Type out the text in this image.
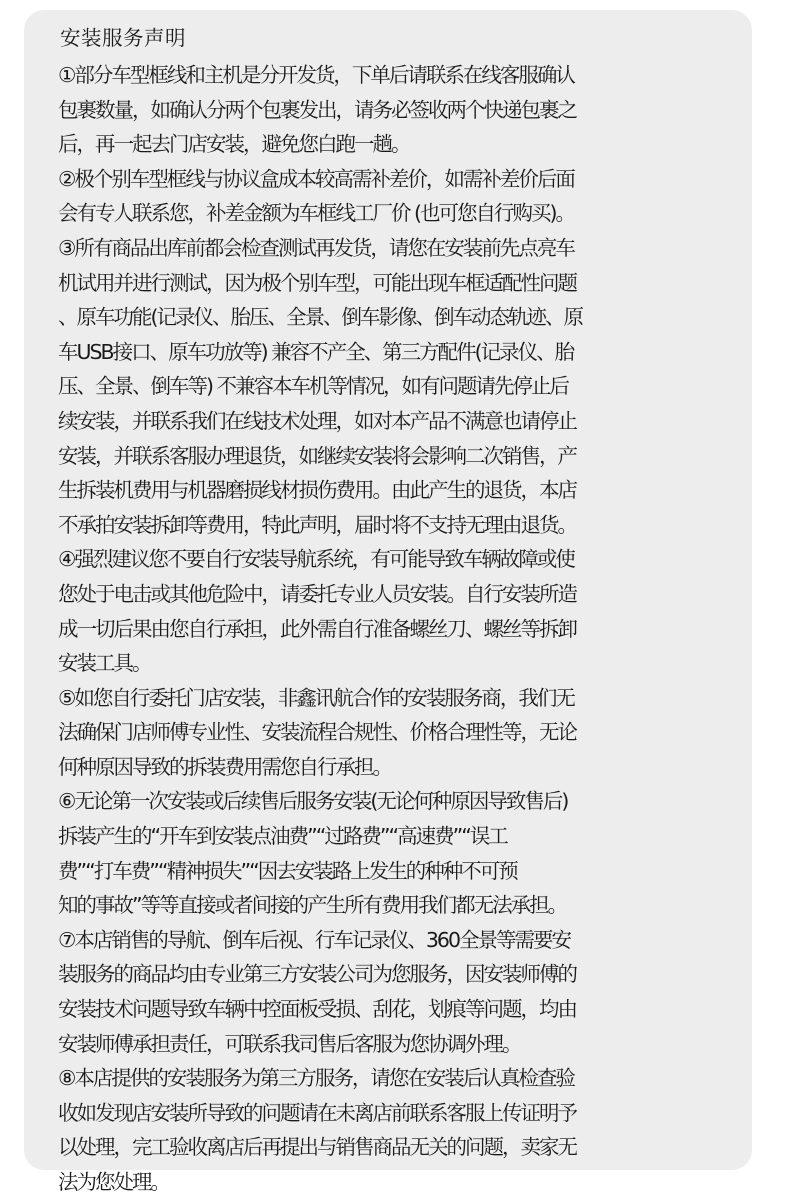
安装服务声明
①部分车型框线和主机是分开发货，下单后请联系在线客服确认
包裹数量，如确认分两个包裹发出，请务必签收两个快递包裹之
后，再一起去门店安装，避免您白跑一趟。
②极个别车型框线与协议盒成本较高需补差价，如需补差价后面
会有专人联系您，补差金额为车框线工厂价 (也可您自行购买)。
③所有商品出库前都会检查测试再发货，请您在安装前先点亮车
机试用并进行测试，因为极个别车型，可能出现车框适配性问题
、原车功能(记录仪、胎压、全景、倒车影像、倒车动态轨迹、原
车USB接口、原车功放等) 兼容不产全、第三方配件(记录仪、胎
压、全景、倒车等) 不兼容本车机等情况，如有问题请先停止后
续安装，并联系我们在线技术处理，如对本产品不满意也请停止
安装，并联系客服办理退货，如继续安装将会影响二次销售，产
生拆装机费用与机器磨损线材损伤费用。由此产生的退货，本店
不承拍安装拆卸等费用，特此声明，届时将不支持无理由退货。
④强烈建议您不要自行安装导航系统，有可能导致车辆故障或使
您处于电击或其他危险中，请委托专业人员安装。自行安装所造
成一切后果由您自行承担，此外需自行准备螺丝刀、螺丝等拆卸
安装工具。
⑤如您自行委托门店安装，非鑫讯航合作的安装服务商，我们无
法确保门店师傅专业性、安装流程合规性、价格合理性等，无论
何种原因导致的拆装费用需您自行承担。
⑥无论第一次安装或后续售后服务安装(无论何种原因导致售后)
拆装产生的“开车到安装点油费”“过路费”“高速费”“误工
费”“打车费”“精神损失”“因去安装路上发生的种种不可预
知的事故”等等直接或者间接的产生所有费用我们都无法承担。
⑦本店销售的导航、倒车后视、行车记录仪、360全景等需要安
装服务的商品均由专业第三方安装公司为您服务，因安装师傅的
安装技术问题导致车辆中控面板受损、刮花，划痕等问题，均由
安装师傅承担责任，可联系我司售后客服为您协调外理。
⑧本店提供的安装服务为第三方服务，请您在安装后认真检查验
收如发现店安装所导致的问题请在未离店前联系客服上传证明予
以处理，完工验收离店后再提出与销售商品无关的问题，卖家无
法为您处理。
